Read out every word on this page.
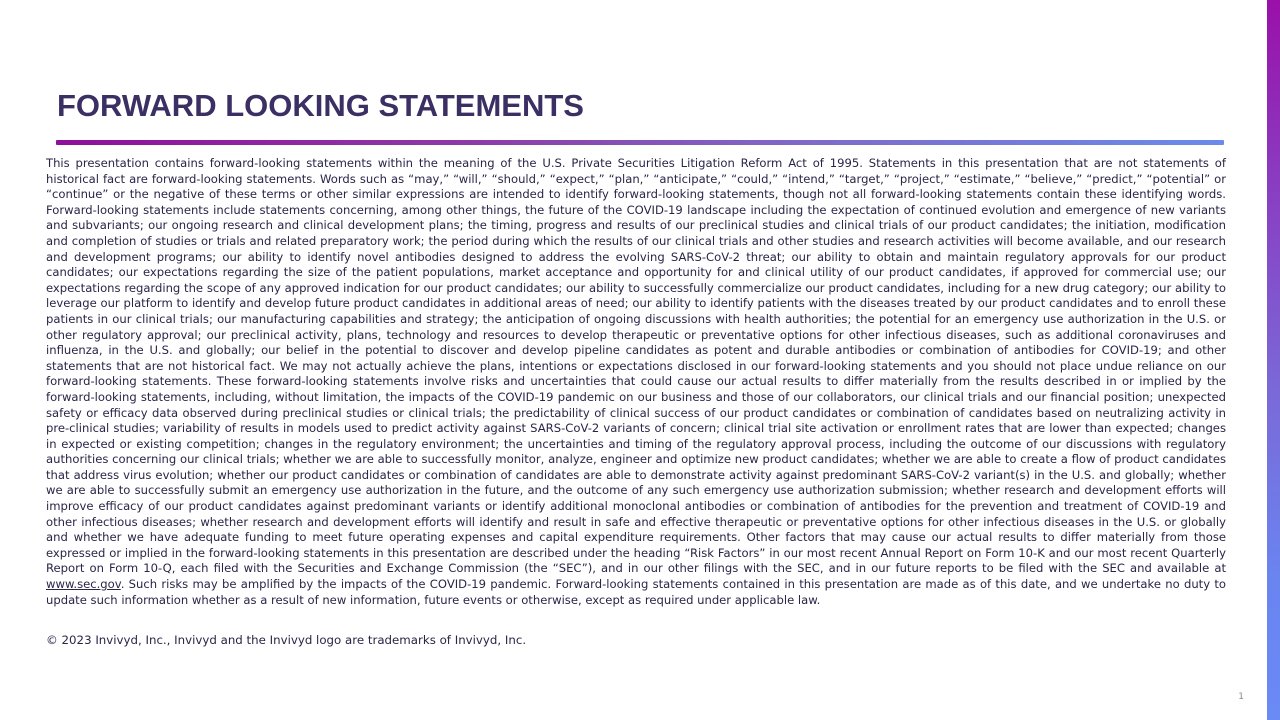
FORWARD LOOKING STATEMENTS

This presentation contains forward-looking statements within the meaning of the U.S. Private Securities Litigation Reform Act of 1995. Statements in this presentation that are not statements of historical fact are forward-looking statements. Words such as “may,” “will,” “should,” “expect,” “plan,” “anticipate,” “could,” “intend,” “target,” “project,” “estimate,” “believe,” “predict,” “potential” or “continue” or the negative of these terms or other similar expressions are intended to identify forward-looking statements, though not all forward-looking statements contain these identifying words. Forward-looking statements include statements concerning, among other things, the future of the COVID-19 landscape including the expectation of continued evolution and emergence of new variants and subvariants; our ongoing research and clinical development plans; the timing, progress and results of our preclinical studies and clinical trials of our product candidates; the initiation, modification and completion of studies or trials and related preparatory work; the period during which the results of our clinical trials and other studies and research activities will become available, and our research and development programs; our ability to identify novel antibodies designed to address the evolving SARS-CoV-2 threat; our ability to obtain and maintain regulatory approvals for our product candidates; our expectations regarding the size of the patient populations, market acceptance and opportunity for and clinical utility of our product candidates, if approved for commercial use; our expectations regarding the scope of any approved indication for our product candidates; our ability to successfully commercialize our product candidates, including for a new drug category; our ability to leverage our platform to identify and develop future product candidates in additional areas of need; our ability to identify patients with the diseases treated by our product candidates and to enroll these patients in our clinical trials; our manufacturing capabilities and strategy; the anticipation of ongoing discussions with health authorities; the potential for an emergency use authorization in the U.S. or other regulatory approval; our preclinical activity, plans, technology and resources to develop therapeutic or preventative options for other infectious diseases, such as additional coronaviruses and influenza, in the U.S. and globally; our belief in the potential to discover and develop pipeline candidates as potent and durable antibodies or combination of antibodies for COVID-19; and other statements that are not historical fact. We may not actually achieve the plans, intentions or expectations disclosed in our forward-looking statements and you should not place undue reliance on our forward-looking statements. These forward-looking statements involve risks and uncertainties that could cause our actual results to differ materially from the results described in or implied by the forward-looking statements, including, without limitation, the impacts of the COVID-19 pandemic on our business and those of our collaborators, our clinical trials and our financial position; unexpected safety or efficacy data observed during preclinical studies or clinical trials; the predictability of clinical success of our product candidates or combination of candidates based on neutralizing activity in pre-clinical studies; variability of results in models used to predict activity against SARS-CoV-2 variants of concern; clinical trial site activation or enrollment rates that are lower than expected; changes in expected or existing competition; changes in the regulatory environment; the uncertainties and timing of the regulatory approval process, including the outcome of our discussions with regulatory authorities concerning our clinical trials; whether we are able to successfully monitor, analyze, engineer and optimize new product candidates; whether we are able to create a flow of product candidates that address virus evolution; whether our product candidates or combination of candidates are able to demonstrate activity against predominant SARS-CoV-2 variant(s) in the U.S. and globally; whether we are able to successfully submit an emergency use authorization in the future, and the outcome of any such emergency use authorization submission; whether research and development efforts will improve efficacy of our product candidates against predominant variants or identify additional monoclonal antibodies or combination of antibodies for the prevention and treatment of COVID-19 and other infectious diseases; whether research and development efforts will identify and result in safe and effective therapeutic or preventative options for other infectious diseases in the U.S. or globally and whether we have adequate funding to meet future operating expenses and capital expenditure requirements. Other factors that may cause our actual results to differ materially from those expressed or implied in the forward-looking statements in this presentation are described under the heading “Risk Factors” in our most recent Annual Report on Form 10-K and our most recent Quarterly Report on Form 10-Q, each filed with the Securities and Exchange Commission (the “SEC”), and in our other filings with the SEC, and in our future reports to be filed with the SEC and available at www.sec.gov. Such risks may be amplified by the impacts of the COVID-19 pandemic. Forward-looking statements contained in this presentation are made as of this date, and we undertake no duty to update such information whether as a result of new information, future events or otherwise, except as required under applicable law.

© 2023 Invivyd, Inc., Invivyd and the Invivyd logo are trademarks of Invivyd, Inc.
1
